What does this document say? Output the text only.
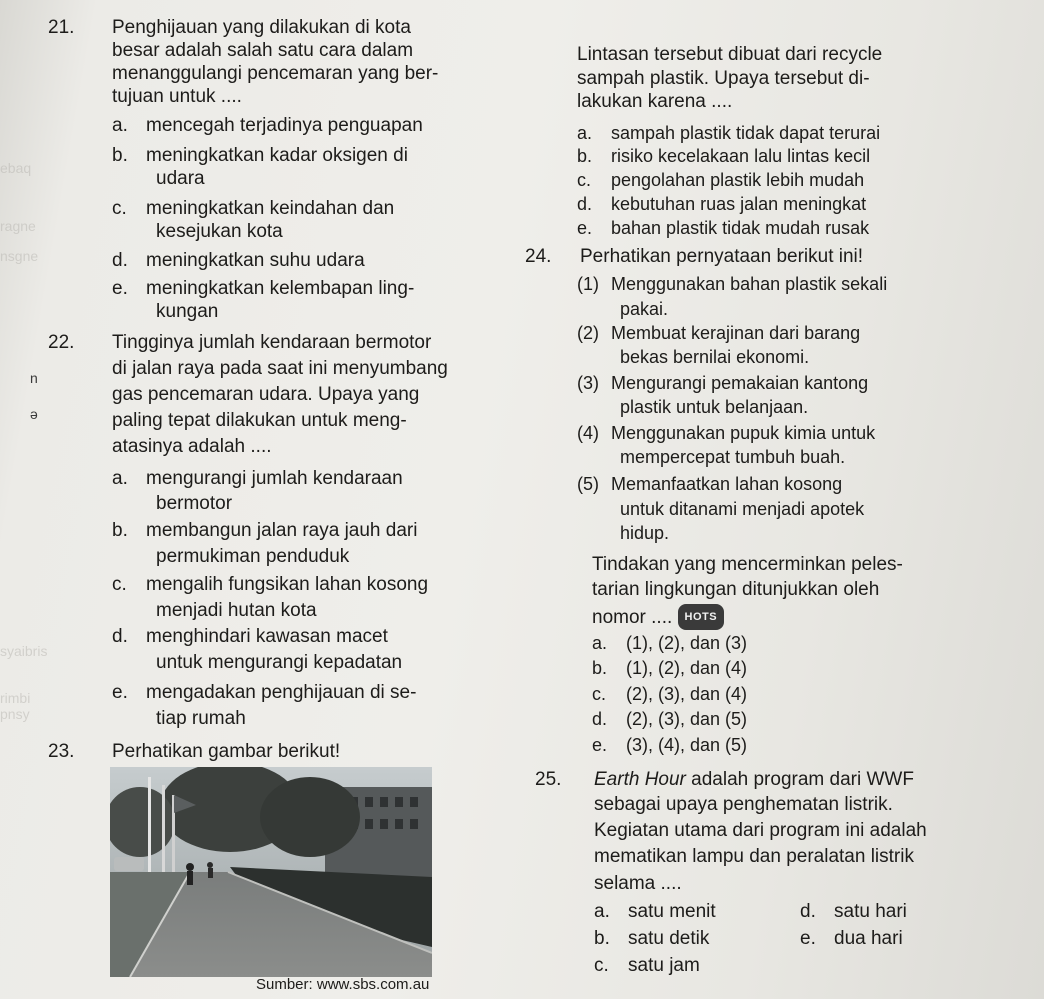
ebaq
ragne
nsgne
syaibris
rimbi
pnsy
n
ə
21. Penghijauan yang dilakukan di kota
besar adalah salah satu cara dalam
menanggulangi pencemaran yang ber-
tujuan untuk ....
a. mencegah terjadinya penguapan
b. meningkatkan kadar oksigen di
udara
c. meningkatkan keindahan dan
kesejukan kota
d. meningkatkan suhu udara
e. meningkatkan kelembapan ling-
kungan
22. Tingginya jumlah kendaraan bermotor
di jalan raya pada saat ini menyumbang
gas pencemaran udara. Upaya yang
paling tepat dilakukan untuk meng-
atasinya adalah ....
a. mengurangi jumlah kendaraan
bermotor
b. membangun jalan raya jauh dari
permukiman penduduk
c. mengalih fungsikan lahan kosong
menjadi hutan kota
d. menghindari kawasan macet
untuk mengurangi kepadatan
e. mengadakan penghijauan di se-
tiap rumah
23. Perhatikan gambar berikut!
Sumber: www.sbs.com.au
Lintasan tersebut dibuat dari recycle
sampah plastik. Upaya tersebut di-
lakukan karena ....
a. sampah plastik tidak dapat terurai
b. risiko kecelakaan lalu lintas kecil
c. pengolahan plastik lebih mudah
d. kebutuhan ruas jalan meningkat
e. bahan plastik tidak mudah rusak
24. Perhatikan pernyataan berikut ini!
(1) Menggunakan bahan plastik sekali
pakai.
(2) Membuat kerajinan dari barang
bekas bernilai ekonomi.
(3) Mengurangi pemakaian kantong
plastik untuk belanjaan.
(4) Menggunakan pupuk kimia untuk
mempercepat tumbuh buah.
(5) Memanfaatkan lahan kosong
untuk ditanami menjadi apotek
hidup.
Tindakan yang mencerminkan peles-
tarian lingkungan ditunjukkan oleh
nomor .... HOTS
a. (1), (2), dan (3)
b. (1), (2), dan (4)
c. (2), (3), dan (4)
d. (2), (3), dan (5)
e. (3), (4), dan (5)
25. Earth Hour adalah program dari WWF
sebagai upaya penghematan listrik.
Kegiatan utama dari program ini adalah
mematikan lampu dan peralatan listrik
selama ....
a. satu menit
b. satu detik
c. satu jam
d. satu hari
e. dua hari
